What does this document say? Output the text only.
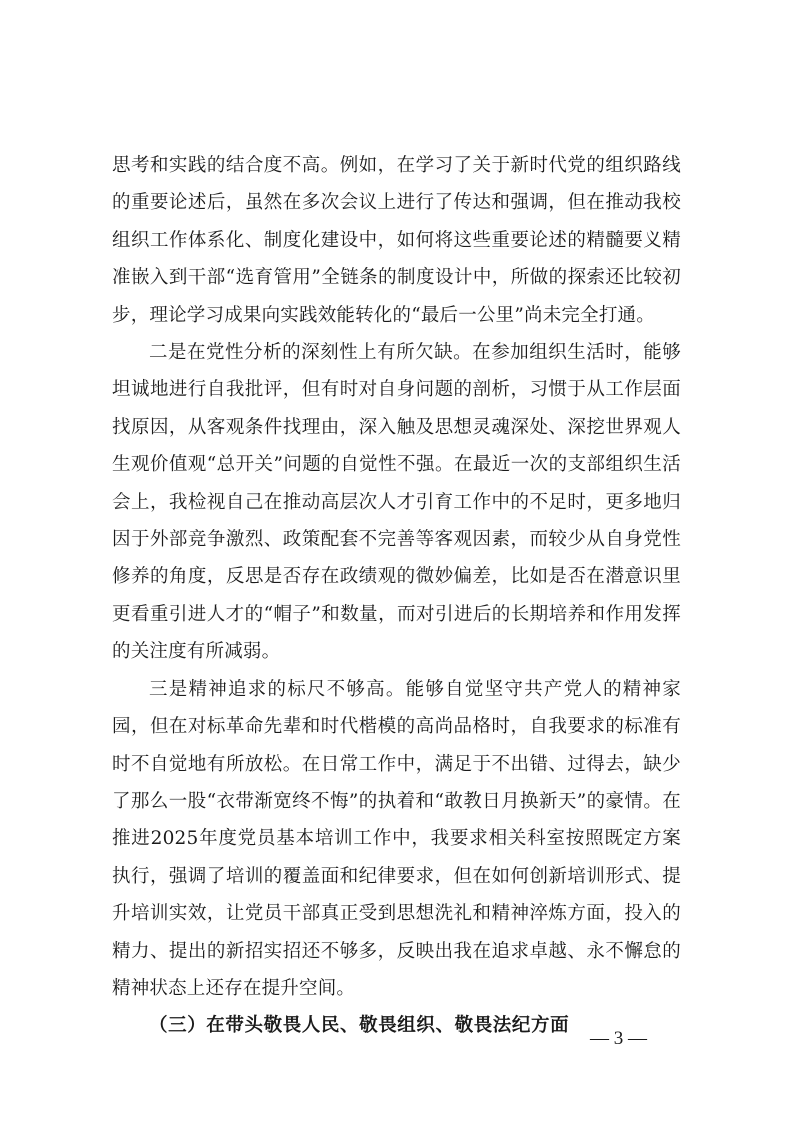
思考和实践的结合度不高。例如，在学习了关于新时代党的组织路线的重要论述后，虽然在多次会议上进行了传达和强调，但在推动我校组织工作体系化、制度化建设中，如何将这些重要论述的精髓要义精准嵌入到干部“选育管用”全链条的制度设计中，所做的探索还比较初步，理论学习成果向实践效能转化的“最后一公里”尚未完全打通。

二是在党性分析的深刻性上有所欠缺。在参加组织生活时，能够坦诚地进行自我批评，但有时对自身问题的剖析，习惯于从工作层面找原因，从客观条件找理由，深入触及思想灵魂深处、深挖世界观人生观价值观“总开关”问题的自觉性不强。在最近一次的支部组织生活会上，我检视自己在推动高层次人才引育工作中的不足时，更多地归因于外部竞争激烈、政策配套不完善等客观因素，而较少从自身党性修养的角度，反思是否存在政绩观的微妙偏差，比如是否在潜意识里更看重引进人才的“帽子”和数量，而对引进后的长期培养和作用发挥的关注度有所减弱。

三是精神追求的标尺不够高。能够自觉坚守共产党人的精神家园，但在对标革命先辈和时代楷模的高尚品格时，自我要求的标准有时不自觉地有所放松。在日常工作中，满足于不出错、过得去，缺少了那么一股“衣带渐宽终不悔”的执着和“敢教日月换新天”的豪情。在推进2025年度党员基本培训工作中，我要求相关科室按照既定方案执行，强调了培训的覆盖面和纪律要求，但在如何创新培训形式、提升培训实效，让党员干部真正受到思想洗礼和精神淬炼方面，投入的精力、提出的新招实招还不够多，反映出我在追求卓越、永不懈怠的精神状态上还存在提升空间。

（三）在带头敬畏人民、敬畏组织、敬畏法纪方面

— 3 —
